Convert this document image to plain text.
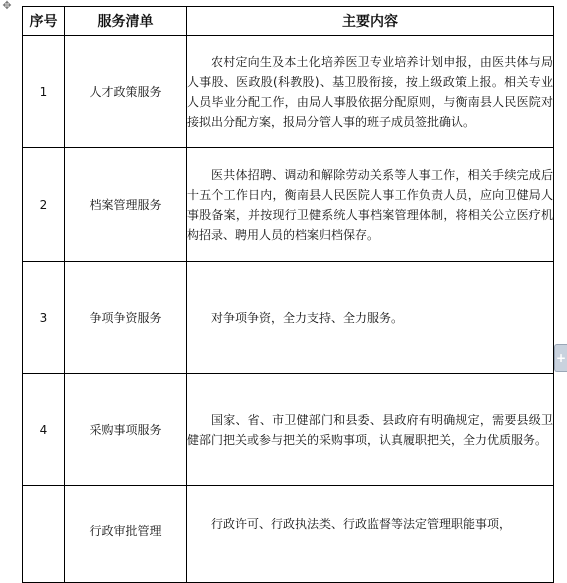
✥
序号	服务清单	主要内容
1	人才政策服务	农村定向生及本土化培养医卫专业培养计划申报，由医共体与局人事股、医政股(科教股)、基卫股衔接，按上级政策上报。相关专业人员毕业分配工作，由局人事股依据分配原则，与衡南县人民医院对接拟出分配方案，报局分管人事的班子成员签批确认。

2	档案管理服务	医共体招聘、调动和解除劳动关系等人事工作，相关手续完成后十五个工作日内，衡南县人民医院人事工作负责人员，应向卫健局人事股备案，并按现行卫健系统人事档案管理体制，将相关公立医疗机构招录、聘用人员的档案归档保存。

3	争项争资服务	对争项争资，全力支持、全力服务。

4	采购事项服务	国家、省、市卫健部门和县委、县政府有明确规定，需要县级卫健部门把关或参与把关的采购事项，认真履职把关，全力优质服务。

	行政审批管理	行政许可、行政执法类、行政监督等法定管理职能事项，

+
